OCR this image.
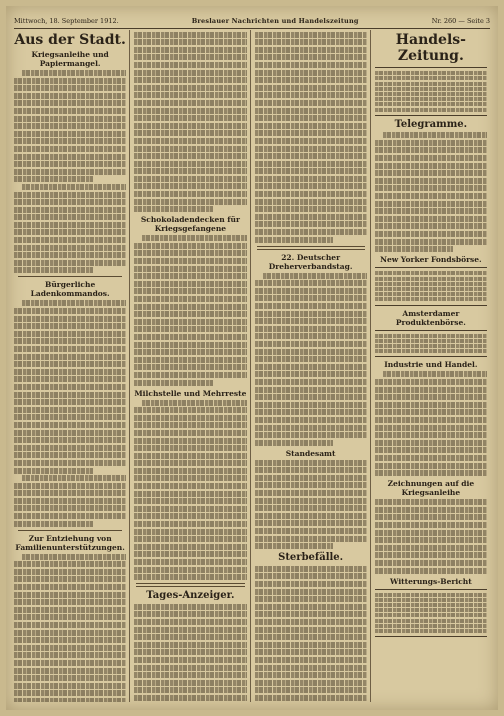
Mittwoch, 18. September 1912.	Breslauer Nachrichten und Handelszeitung	Nr. 260 — Seite 3
Aus der Stadt.
Kriegsanleihe und Papiermangel.
Bürgerliche Ladenkommandos.
Zur Entziehung von Familienunterstützungen.
Schokoladendecken für Kriegsgefangene
Milchstelle und Mehrreste
Tages-Anzeiger.
22. Deutscher Dreherverbandstag.
Standesamt
Sterbefälle.
Handels-Zeitung.
Telegramme.
New Yorker Fondsbörse.
Amsterdamer Produktenbörse.
Industrie und Handel.
Zeichnungen auf die Kriegsanleihe
Witterungs-Bericht
